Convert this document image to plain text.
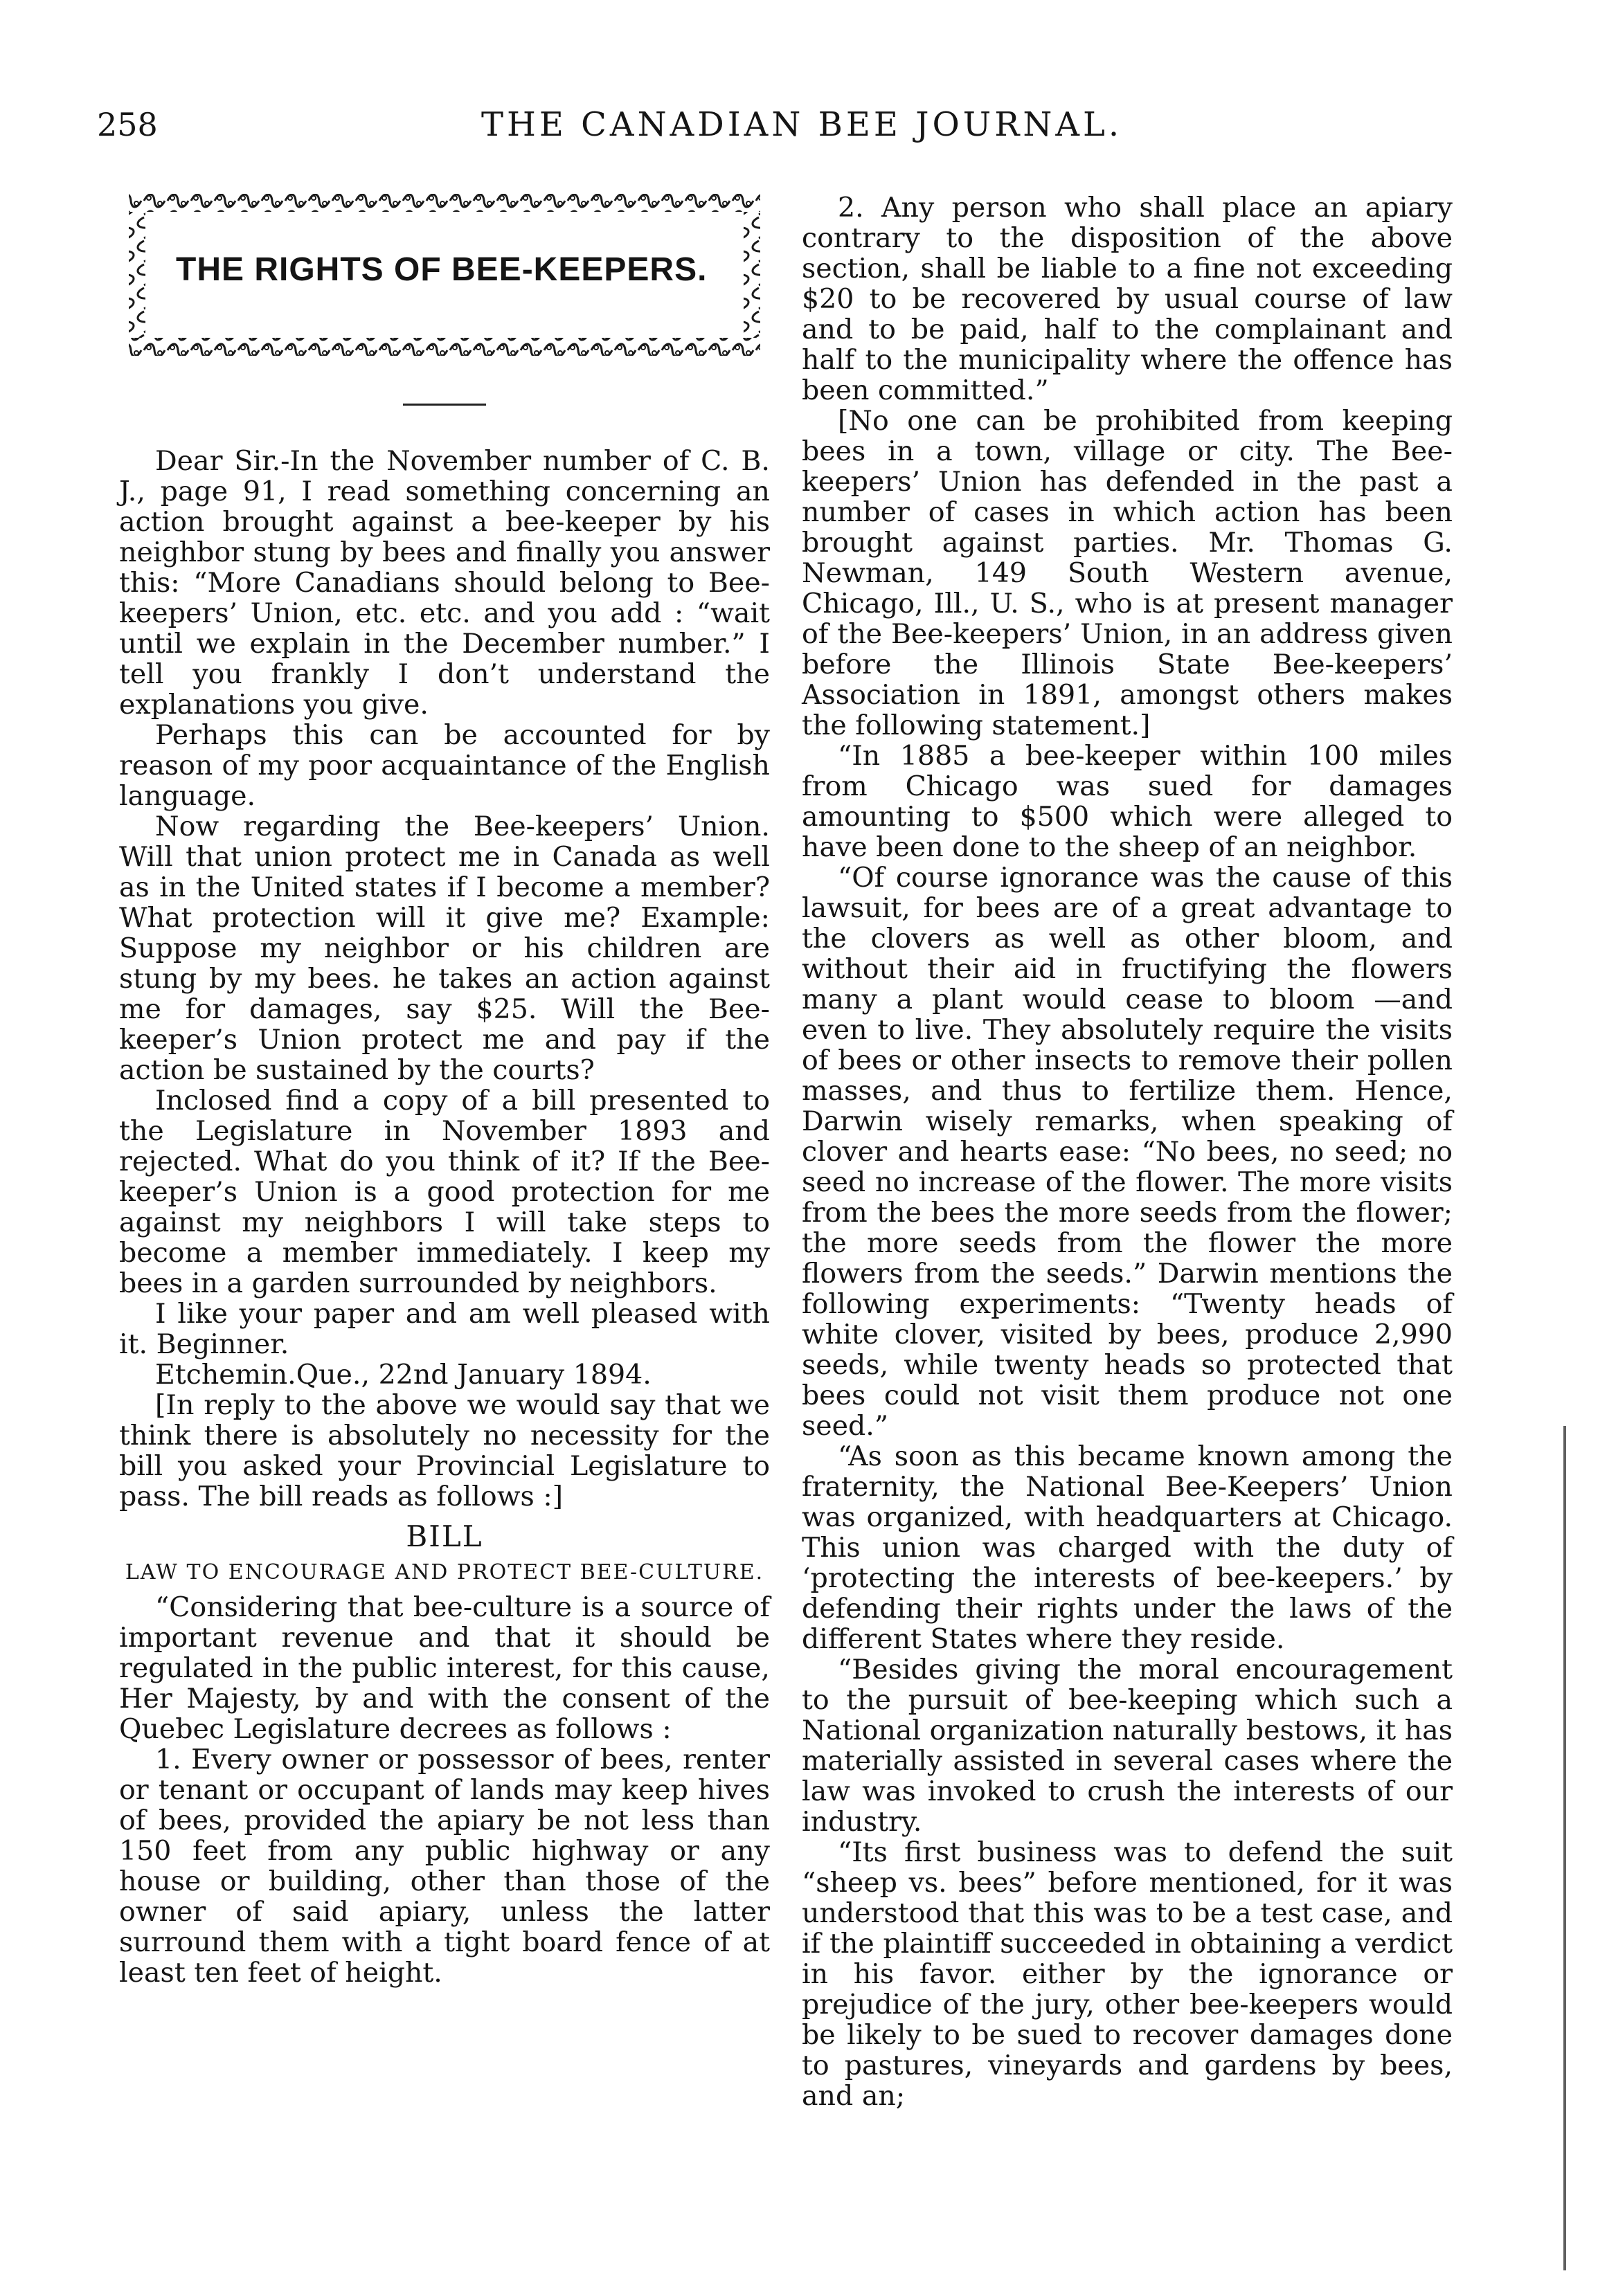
258	THE CANADIAN BEE JOURNAL.
THE RIGHTS OF BEE-KEEPERS.

Dear Sir.-In the November number of C. B. J., page 91, I read something concerning an action brought against a bee-keeper by his neighbor stung by bees and finally you answer this: “More Canadians should belong to Bee-keepers’ Union, etc. etc. and you add : “wait until we explain in the December number.” I tell you frankly I don’t understand the explanations you give.

Perhaps this can be accounted for by reason of my poor acquaintance of the English language.

Now regarding the Bee-keepers’ Union. Will that union protect me in Canada as well as in the United states if I become a member? What protection will it give me? Example: Suppose my neighbor or his children are stung by my bees. he takes an action against me for damages, say $25. Will the Bee-keeper’s Union protect me and pay if the action be sustained by the courts?

Inclosed find a copy of a bill presented to the Legislature in November 1893 and rejected. What do you think of it? If the Bee-keeper’s Union is a good protection for me against my neighbors I will take steps to become a member immediately. I keep my bees in a garden surrounded by neighbors.

I like your paper and am well pleased with it. Beginner.

Etchemin.Que., 22nd January 1894.

[In reply to the above we would say that we think there is absolutely no necessity for the bill you asked your Provincial Legislature to pass. The bill reads as follows :]

BILL
LAW TO ENCOURAGE AND PROTECT BEE-CULTURE.

“Considering that bee-culture is a source of important revenue and that it should be regulated in the public interest, for this cause, Her Majesty, by and with the consent of the Quebec Legislature decrees as follows :

1. Every owner or possessor of bees, renter or tenant or occupant of lands may keep hives of bees, provided the apiary be not less than 150 feet from any public highway or any house or building, other than those of the owner of said apiary, unless the latter surround them with a tight board fence of at least ten feet of height.

2. Any person who shall place an apiary contrary to the disposition of the above section, shall be liable to a fine not exceeding $20 to be recovered by usual course of law and to be paid, half to the complainant and half to the municipality where the offence has been committed.”

[No one can be prohibited from keeping bees in a town, village or city. The Bee-keepers’ Union has defended in the past a number of cases in which action has been brought against parties. Mr. Thomas G. Newman, 149 South Western avenue, Chicago, Ill., U. S., who is at present manager of the Bee-keepers’ Union, in an address given before the Illinois State Bee-keepers’ Association in 1891, amongst others makes the following statement.]

“In 1885 a bee-keeper within 100 miles from Chicago was sued for damages amounting to $500 which were alleged to have been done to the sheep of an neighbor.

“Of course ignorance was the cause of this lawsuit, for bees are of a great advantage to the clovers as well as other bloom, and without their aid in fructifying the flowers many a plant would cease to bloom —and even to live. They absolutely require the visits of bees or other insects to remove their pollen masses, and thus to fertilize them. Hence, Darwin wisely remarks, when speaking of clover and hearts ease: “No bees, no seed; no seed no increase of the flower. The more visits from the bees the more seeds from the flower; the more seeds from the flower the more flowers from the seeds.” Darwin mentions the following experiments: “Twenty heads of white clover, visited by bees, produce 2,990 seeds, while twenty heads so protected that bees could not visit them produce not one seed.”

“As soon as this became known among the fraternity, the National Bee-Keepers’ Union was organized, with headquarters at Chicago. This union was charged with the duty of ‘protecting the interests of bee-keepers.’ by defending their rights under the laws of the different States where they reside.

“Besides giving the moral encouragement to the pursuit of bee-keeping which such a National organization naturally bestows, it has materially assisted in several cases where the law was invoked to crush the interests of our industry.

“Its first business was to defend the suit “sheep vs. bees” before mentioned, for it was understood that this was to be a test case, and if the plaintiff succeeded in obtaining a verdict in his favor. either by the ignorance or prejudice of the jury, other bee-keepers would be likely to be sued to recover damages done to pastures, vineyards and gardens by bees, and an;
